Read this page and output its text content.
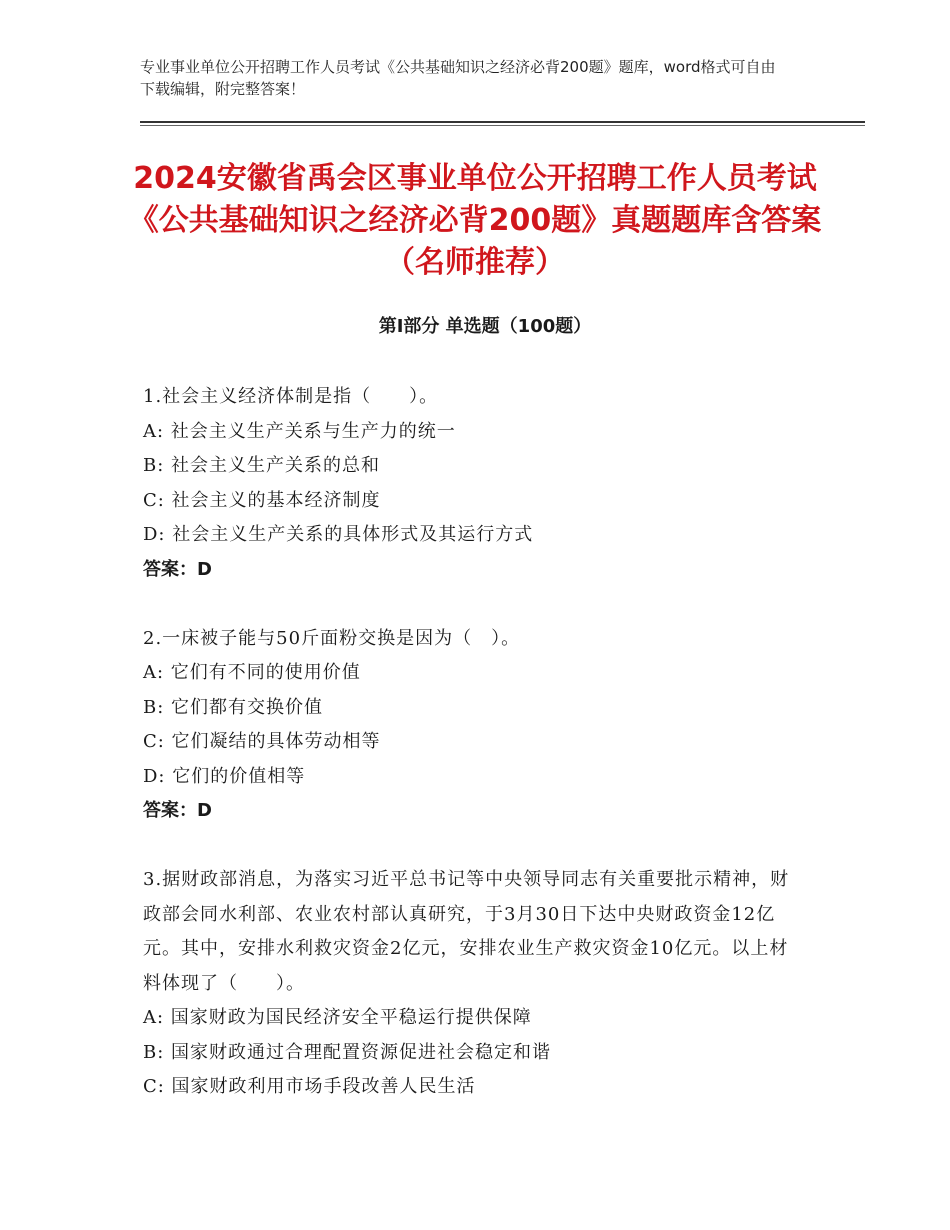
专业事业单位公开招聘工作人员考试《公共基础知识之经济必背200题》题库，word格式可自由下载编辑，附完整答案！
2024安徽省禹会区事业单位公开招聘工作人员考试《公共基础知识之经济必背200题》真题题库含答案（名师推荐）
第I部分 单选题（100题）

1.社会主义经济体制是指（　　）。

A: 社会主义生产关系与生产力的统一

B: 社会主义生产关系的总和

C: 社会主义的基本经济制度

D: 社会主义生产关系的具体形式及其运行方式

答案：D

2.一床被子能与50斤面粉交换是因为（　）。

A: 它们有不同的使用价值

B: 它们都有交换价值

C: 它们凝结的具体劳动相等

D: 它们的价值相等

答案：D

3.据财政部消息，为落实习近平总书记等中央领导同志有关重要批示精神，财政部会同水利部、农业农村部认真研究，于3月30日下达中央财政资金12亿元。其中，安排水利救灾资金2亿元，安排农业生产救灾资金10亿元。以上材料体现了（　　）。

A: 国家财政为国民经济安全平稳运行提供保障

B: 国家财政通过合理配置资源促进社会稳定和谐

C: 国家财政利用市场手段改善人民生活
